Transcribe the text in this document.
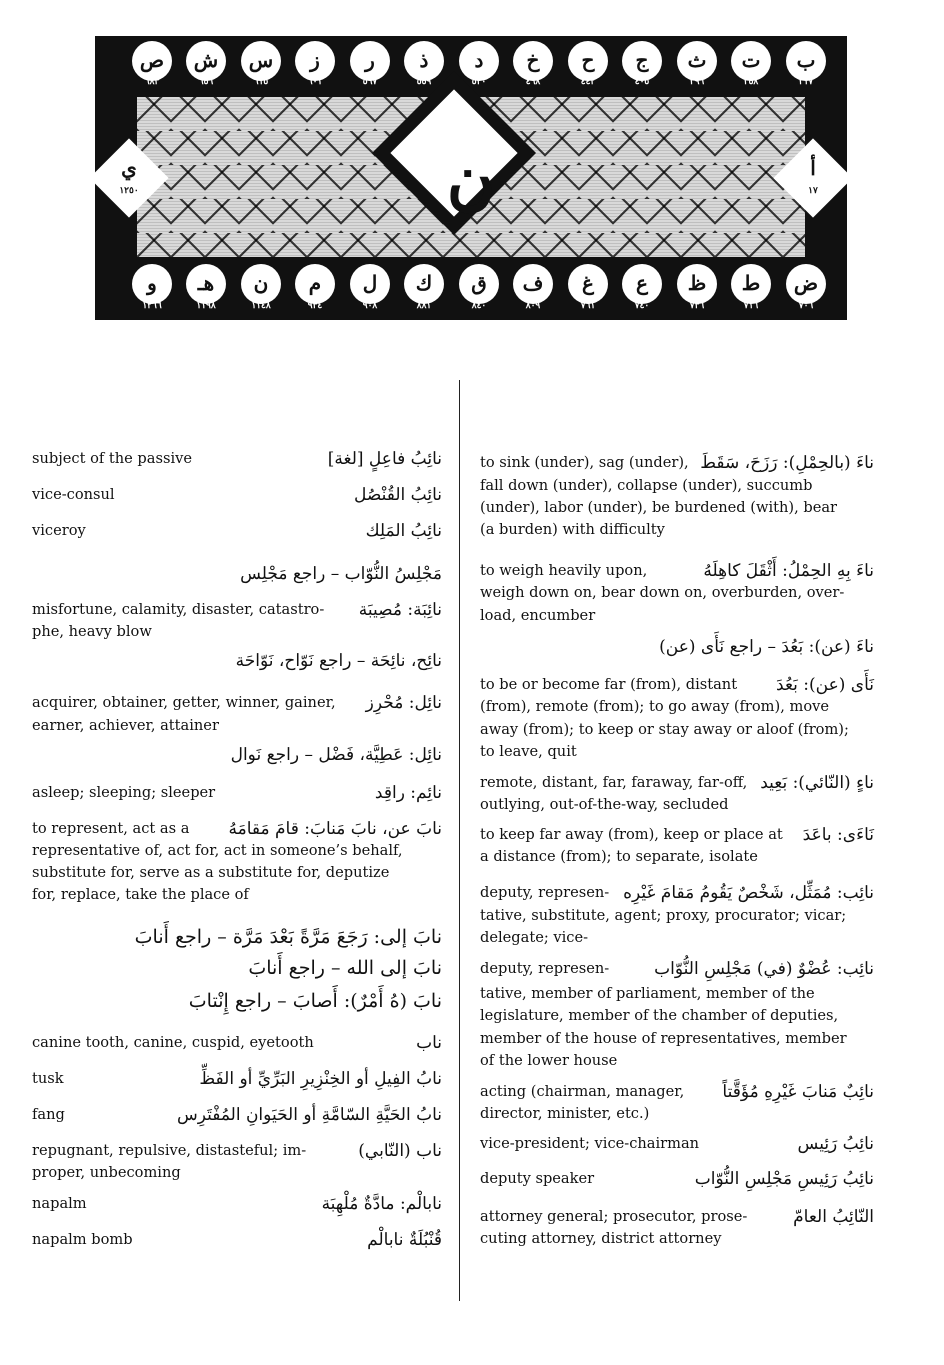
ن
ب
٣١٧
ت
٣٥٨
ث
٣٩٦
ج
٤٠٥
ح
٤٤٢
خ
٤٦٨
د
٥٣٠
ذ
٥٥٩
ر
٥٦٧
ز
٦٠١
س
٦١٥
ش
٦٥٦
ص
٦٨٣
ض
٧٠٦
ط
٧١٦
ظ
٧٣٦
ع
٧٤٠
غ
٧٦١
ف
٨٠٩
ق
٨٤٠
ك
٨٨١
ل
٩٠٨
م
٩٣٤
ن
١١٤٨
هـ
١١٩٨
و
١٢٦٦
أ
١٧
ي
١٢٥٠
subject of the passive	نائِبُ فاعِلٍ [لغة]
vice-consul	نائِبُ القُنْصُل
viceroy	نائِبُ المَلِك
مَجْلِسُ النُّوّاب – راجع مَجْلِس
misfortune, calamity, disaster, catastro-	نائِبَة: مُصِيبَة
phe, heavy blow
نائِح، نائِحَة – راجع نَوّاح، نَوّاحَة
acquirer, obtainer, getter, winner, gainer,	نائِل: مُحْرِز
earner, achiever, attainer
نائِل: عَطِيَّة، فَضْل – راجع نَوال
asleep; sleeping; sleeper	نائِم: راقِد
to represent, act as a	نابَ عن، نابَ مَنابَ: قامَ مَقامَهُ
representative of, act for, act in someone’s behalf,
substitute for, serve as a substitute for, deputize
for, replace, take the place of
نابَ إلى: رَجَعَ مَرَّةً بَعْدَ مَرَّة – راجع أَنابَ
نابَ إلى الله – راجع أَنابَ
نابَ (هُ أَمْرٌ): أَصابَ – راجع إِنْتابَ
canine tooth, canine, cuspid, eyetooth	ناب
tusk	نابُ الفِيلِ أو الخِنْزِيرِ البَرِّيِّ أو الفَظِّ
fang	نابُ الحَيَّةِ السّامَّةِ أو الحَيَوانِ المُفْتَرِس
repugnant, repulsive, distasteful; im-	ناب (النّابي)
proper, unbecoming
napalm	نابالْم: مادَّةٌ مُلْهِبَة
napalm bomb	قُنْبُلَةٌ نابالْم
to sink (under), sag (under), ناءَ (بالحِمْلِ): رَزَحَ، سَقَطَ
fall down (under), collapse (under), succumb
(under), labor (under), be burdened (with), bear
(a burden) with difficulty
to weigh heavily upon,	ناءَ بِهِ الحِمْلُ: أَثْقَلَ كاهِلَهُ
weigh down on, bear down on, overburden, over-
load, encumber
ناءَ (عن): بَعُدَ – راجع نَأَى (عن)
to be or become far (from), distant نَأَى (عن): بَعُدَ
(from), remote (from); to go away (from), move
away (from); to keep or stay away or aloof (from);
to leave, quit
remote, distant, far, faraway, far-off, ناءٍ (النّائي): بَعِيد
outlying, out-of-the-way, secluded
to keep far away (from), keep or place at نَاءَى: باعَدَ
a distance (from); to separate, isolate
deputy, represen- نائِب: مُمَثِّل، شَخْصٌ يَقُومُ مَقامَ غَيْرِه
tative, substitute, agent; proxy, procurator; vicar;
delegate; vice-
deputy, represen-	نائِب: عُضْوٌ (في) مَجْلِسِ النُّوّاب
tative, member of parliament, member of the
legislature, member of the chamber of deputies,
member of the house of representatives, member
of the lower house
acting (chairman, manager, نائِبٌ مَنابَ غَيْرِهِ مُؤَقَّتاً
director, minister, etc.)
vice-president; vice-chairman	نائِبُ رَئِيس
deputy speaker	نائِبُ رَئِيسِ مَجْلِسِ النُّوّاب
attorney general; prosecutor, prose-	النّائِبُ العامّ
cuting attorney, district attorney
